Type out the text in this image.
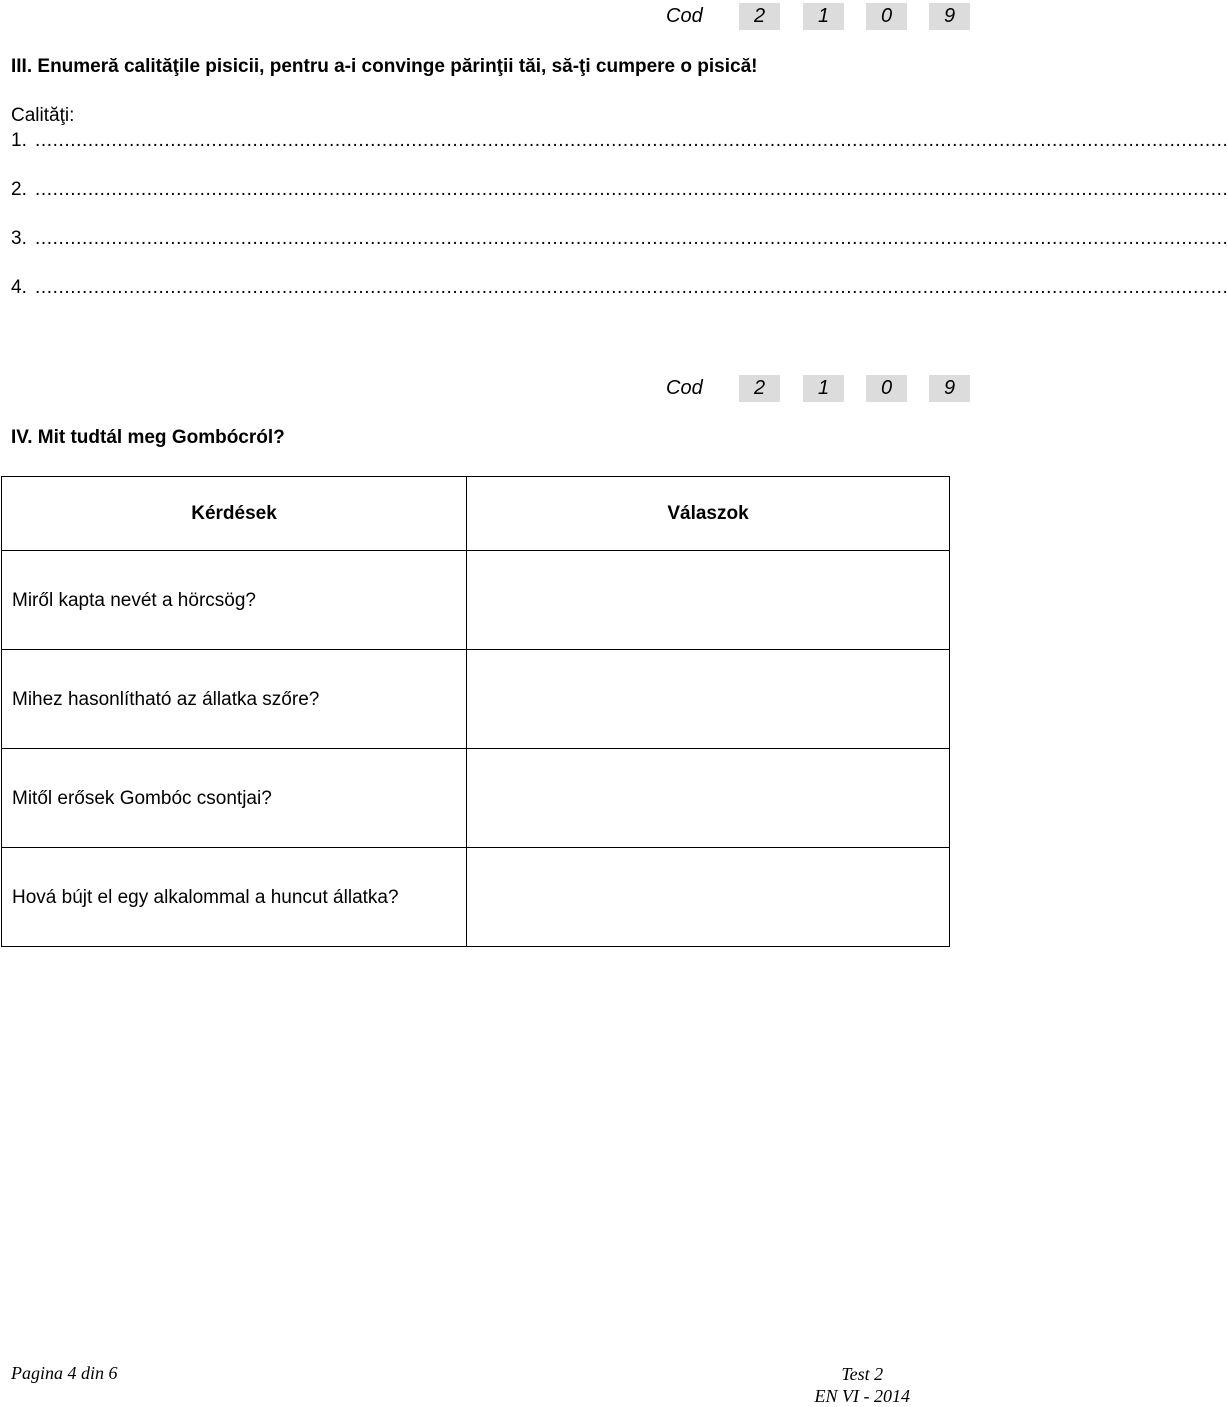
Cod	2	1	0	9
III. Enumeră calităţile pisicii, pentru a-i convinge părinţii tăi, să-ţi cumpere o pisică!
Calităţi:
1. ...........................................................................................................................................................................................................
2. ...........................................................................................................................................................................................................
3. ...........................................................................................................................................................................................................
4. ...........................................................................................................................................................................................................
Cod	2	1	0	9
IV. Mit tudtál meg Gombócról?
Kérdések	Válaszok
Miről kapta nevét a hörcsög?	
Mihez hasonlítható az állatka szőre?	
Mitől erősek Gombóc csontjai?	
Hová bújt el egy alkalommal a huncut állatka?	
Pagina 4 din 6	Test 2
EN VI - 2014
